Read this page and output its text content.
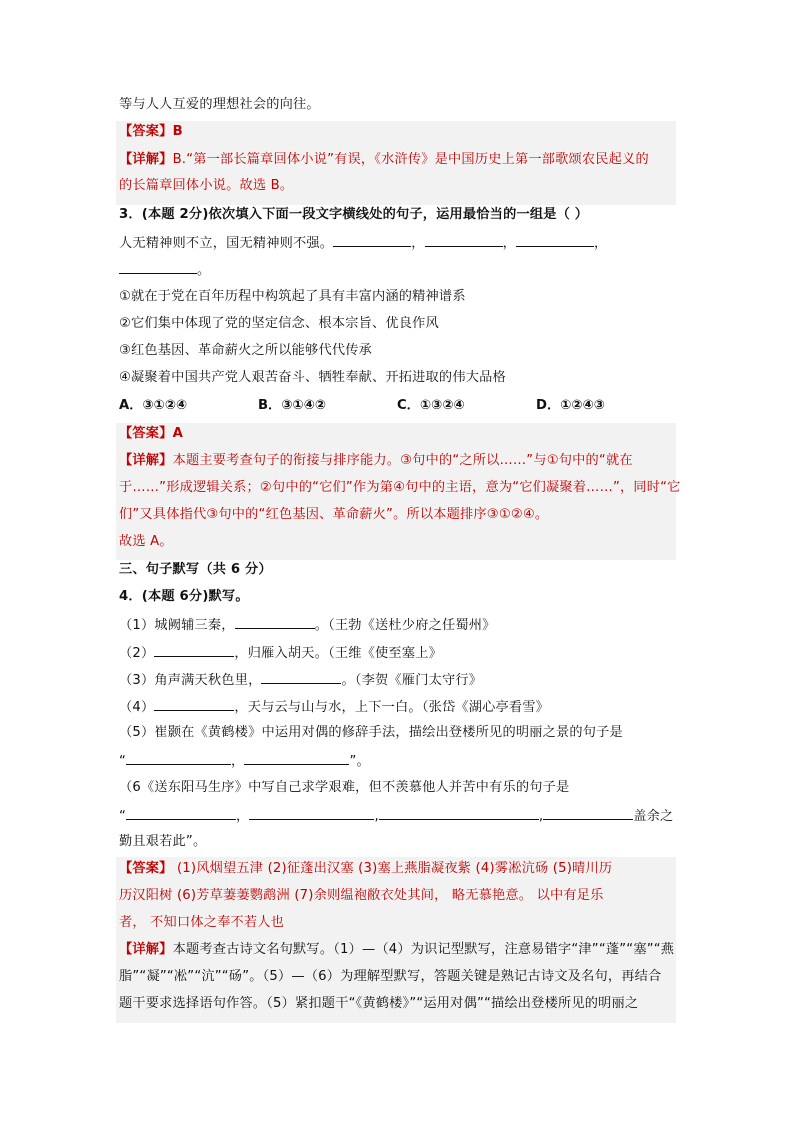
等与人人互爱的理想社会的向往。
【答案】B
【详解】B.“第一部长篇章回体小说”有误，《水浒传》是中国历史上第一部歌颂农民起义的
的长篇章回体小说。故选 B。
3．(本题 2分)依次填入下面一段文字横线处的句子，运用最恰当的一组是（ ）
人无精神则不立，国无精神则不强。	，	，	，
。
①就在于党在百年历程中构筑起了具有丰富内涵的精神谱系
②它们集中体现了党的坚定信念、根本宗旨、优良作风
③红色基因、革命薪火之所以能够代代传承
④凝聚着中国共产党人艰苦奋斗、牺牲奉献、开拓进取的伟大品格
A．③①②④	B．③①④②	C．①③②④	D．①②④③
【答案】A
【详解】本题主要考查句子的衔接与排序能力。③句中的“之所以……”与①句中的“就在
于……”形成逻辑关系；②句中的“它们”作为第④句中的主语，意为“它们凝聚着……”，同时“它
们”又具体指代③句中的“红色基因、革命薪火”。所以本题排序③①②④。
故选 A。
三、句子默写（共 6 分）
4．(本题 6分)默写。
（1）城阙辅三秦，	。（王勃《送杜少府之任蜀州》
（2）	，归雁入胡天。（王维《使至塞上》
（3）角声满天秋色里，	。（李贺《雁门太守行》
（4）	，天与云与山与水，上下一白。（张岱《湖心亭看雪》
（5）崔颢在《黄鹤楼》中运用对偶的修辞手法，描绘出登楼所见的明丽之景的句子是
“	，	”。
（6《送东阳马生序》中写自己求学艰难，但不羡慕他人并苦中有乐的句子是
“	，	,	,	盖余之
勤且艰若此”。
【答案】 (1)风烟望五津 (2)征蓬出汉塞 (3)塞上燕脂凝夜紫 (4)雾凇沆砀 (5)晴川历
历汉阳树 (6)芳草萋萋鹦鹉洲 (7)余则缊袍敝衣处其间， 略无慕艳意。 以中有足乐
者， 不知口体之奉不若人也
【详解】本题考查古诗文名句默写。（1）—（4）为识记型默写，注意易错字“津”“蓬”“塞”“燕
脂”“凝”“凇”“沆”“砀”。（5）—（6）为理解型默写，答题关键是熟记古诗文及名句，再结合
题干要求选择语句作答。（5）紧扣题干“《黄鹤楼》”“运用对偶”“描绘出登楼所见的明丽之
